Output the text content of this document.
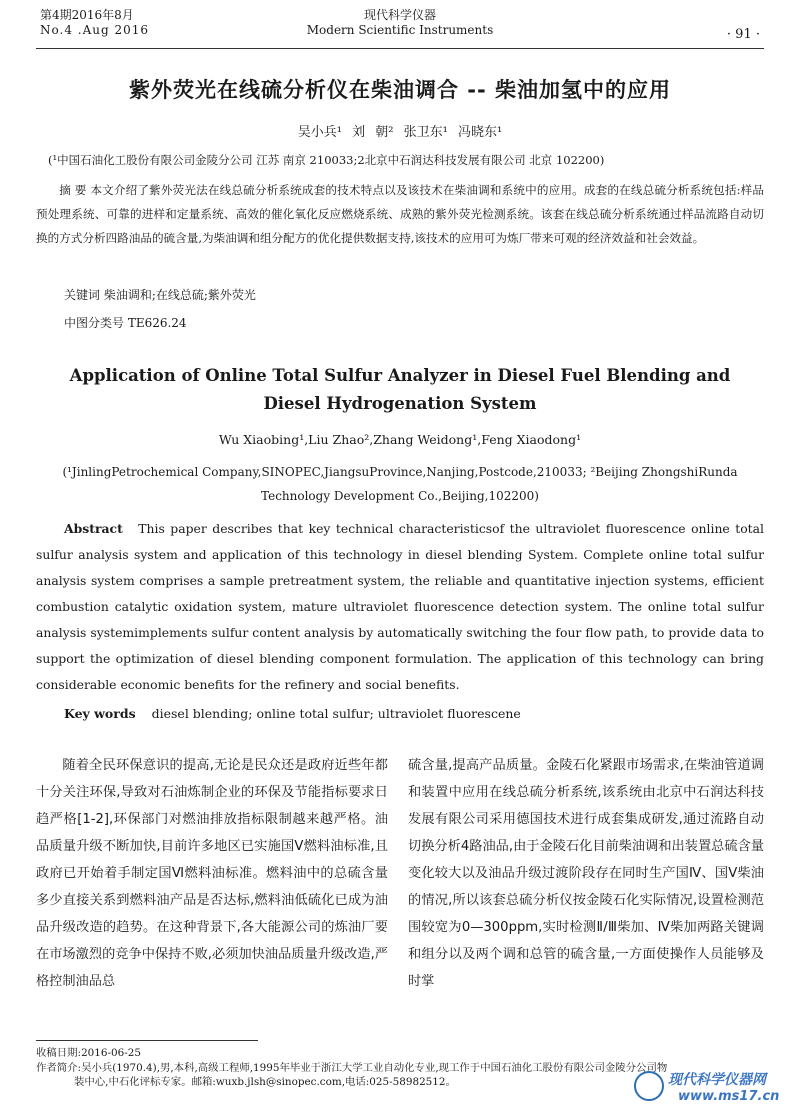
第4期2016年8月
No.4 .Aug 2016
现代科学仪器
Modern Scientific Instruments	· 91 ·
紫外荧光在线硫分析仪在柴油调合 -- 柴油加氢中的应用
吴小兵¹ 刘 朝² 张卫东¹ 冯晓东¹
(¹中国石油化工股份有限公司金陵分公司 江苏 南京 210033;2北京中石润达科技发展有限公司 北京 102200)
摘 要 本文介绍了紫外荧光法在线总硫分析系统成套的技术特点以及该技术在柴油调和系统中的应用。成套的在线总硫分析系统包括:样品预处理系统、可靠的进样和定量系统、高效的催化氧化反应燃烧系统、成熟的紫外荧光检测系统。该套在线总硫分析系统通过样品流路自动切换的方式分析四路油品的硫含量,为柴油调和组分配方的优化提供数据支持,该技术的应用可为炼厂带来可观的经济效益和社会效益。
关键词 柴油调和;在线总硫;紫外荧光
中图分类号 TE626.24
Application of Online Total Sulfur Analyzer in Diesel Fuel Blending and Diesel Hydrogenation System
Wu Xiaobing¹,Liu Zhao²,Zhang Weidong¹,Feng Xiaodong¹
(¹JinlingPetrochemical Company,SINOPEC,JiangsuProvince,Nanjing,Postcode,210033; ²Beijing ZhongshiRunda Technology Development Co.,Beijing,102200)
Abstract This paper describes that key technical characteristicsof the ultraviolet fluorescence online total sulfur analysis system and application of this technology in diesel blending System. Complete online total sulfur analysis system comprises a sample pretreatment system, the reliable and quantitative injection systems, efficient combustion catalytic oxidation system, mature ultraviolet fluorescence detection system. The online total sulfur analysis systemimplements sulfur content analysis by automatically switching the four flow path, to provide data to support the optimization of diesel blending component formulation. The application of this technology can bring considerable economic benefits for the refinery and social benefits.
Key words diesel blending; online total sulfur; ultraviolet fluorescene
随着全民环保意识的提高,无论是民众还是政府近些年都十分关注环保,导致对石油炼制企业的环保及节能指标要求日趋严格[1-2],环保部门对燃油排放指标限制越来越严格。油品质量升级不断加快,目前许多地区已实施国Ⅴ燃料油标准,且政府已开始着手制定国Ⅵ燃料油标准。燃料油中的总硫含量多少直接关系到燃料油产品是否达标,燃料油低硫化已成为油品升级改造的趋势。在这种背景下,各大能源公司的炼油厂要在市场激烈的竞争中保持不败,必须加快油品质量升级改造,严格控制油品总
硫含量,提高产品质量。金陵石化紧跟市场需求,在柴油管道调和装置中应用在线总硫分析系统,该系统由北京中石润达科技发展有限公司采用德国技术进行成套集成研发,通过流路自动切换分析4路油品,由于金陵石化目前柴油调和出装置总硫含量变化较大以及油品升级过渡阶段存在同时生产国Ⅳ、国Ⅴ柴油的情况,所以该套总硫分析仪按金陵石化实际情况,设置检测范围较宽为0—300ppm,实时检测Ⅱ/Ⅲ柴加、Ⅳ柴加两路关键调和组分以及两个调和总管的硫含量,一方面使操作人员能够及时掌
收稿日期:2016-06-25
作者简介:吴小兵(1970.4),男,本科,高级工程师,1995年毕业于浙江大学工业自动化专业,现工作于中国石油化工股份有限公司金陵分公司物
装中心,中石化评标专家。邮箱:wuxb.jlsh@sinopec.com,电话:025-58982512。	现代科学仪器网
www.ms17.cn
